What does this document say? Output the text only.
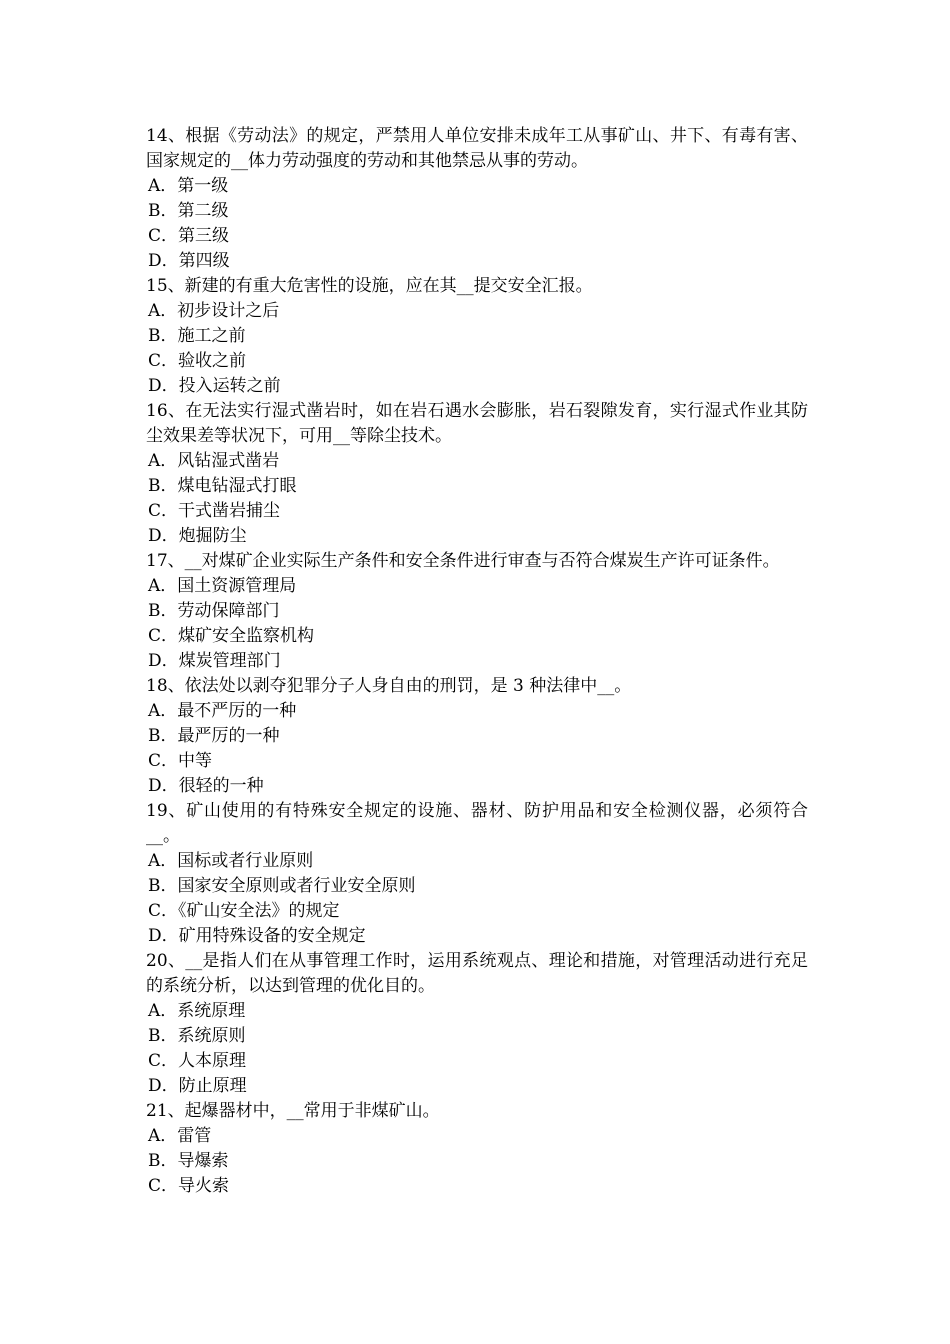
14、根据《劳动法》的规定，严禁用人单位安排未成年工从事矿山、井下、有毒有害、国家规定的__体力劳动强度的劳动和其他禁忌从事的劳动。
A．第一级
B．第二级
C．第三级
D．第四级
15、新建的有重大危害性的设施，应在其__提交安全汇报。
A．初步设计之后
B．施工之前
C．验收之前
D．投入运转之前
16、在无法实行湿式凿岩时，如在岩石遇水会膨胀，岩石裂隙发育，实行湿式作业其防尘效果差等状况下，可用__等除尘技术。
A．风钻湿式凿岩
B．煤电钻湿式打眼
C．干式凿岩捕尘
D．炮掘防尘
17、__对煤矿企业实际生产条件和安全条件进行审查与否符合煤炭生产许可证条件。
A．国土资源管理局
B．劳动保障部门
C．煤矿安全监察机构
D．煤炭管理部门
18、依法处以剥夺犯罪分子人身自由的刑罚，是 3 种法律中__。
A．最不严厉的一种
B．最严厉的一种
C．中等
D．很轻的一种
19、矿山使用的有特殊安全规定的设施、器材、防护用品和安全检测仪器，必须符合__。
A．国标或者行业原则
B．国家安全原则或者行业安全原则
C．《矿山安全法》的规定
D．矿用特殊设备的安全规定
20、__是指人们在从事管理工作时，运用系统观点、理论和措施，对管理活动进行充足的系统分析，以达到管理的优化目的。
A．系统原理
B．系统原则
C．人本原理
D．防止原理
21、起爆器材中，__常用于非煤矿山。
A．雷管
B．导爆索
C．导火索
